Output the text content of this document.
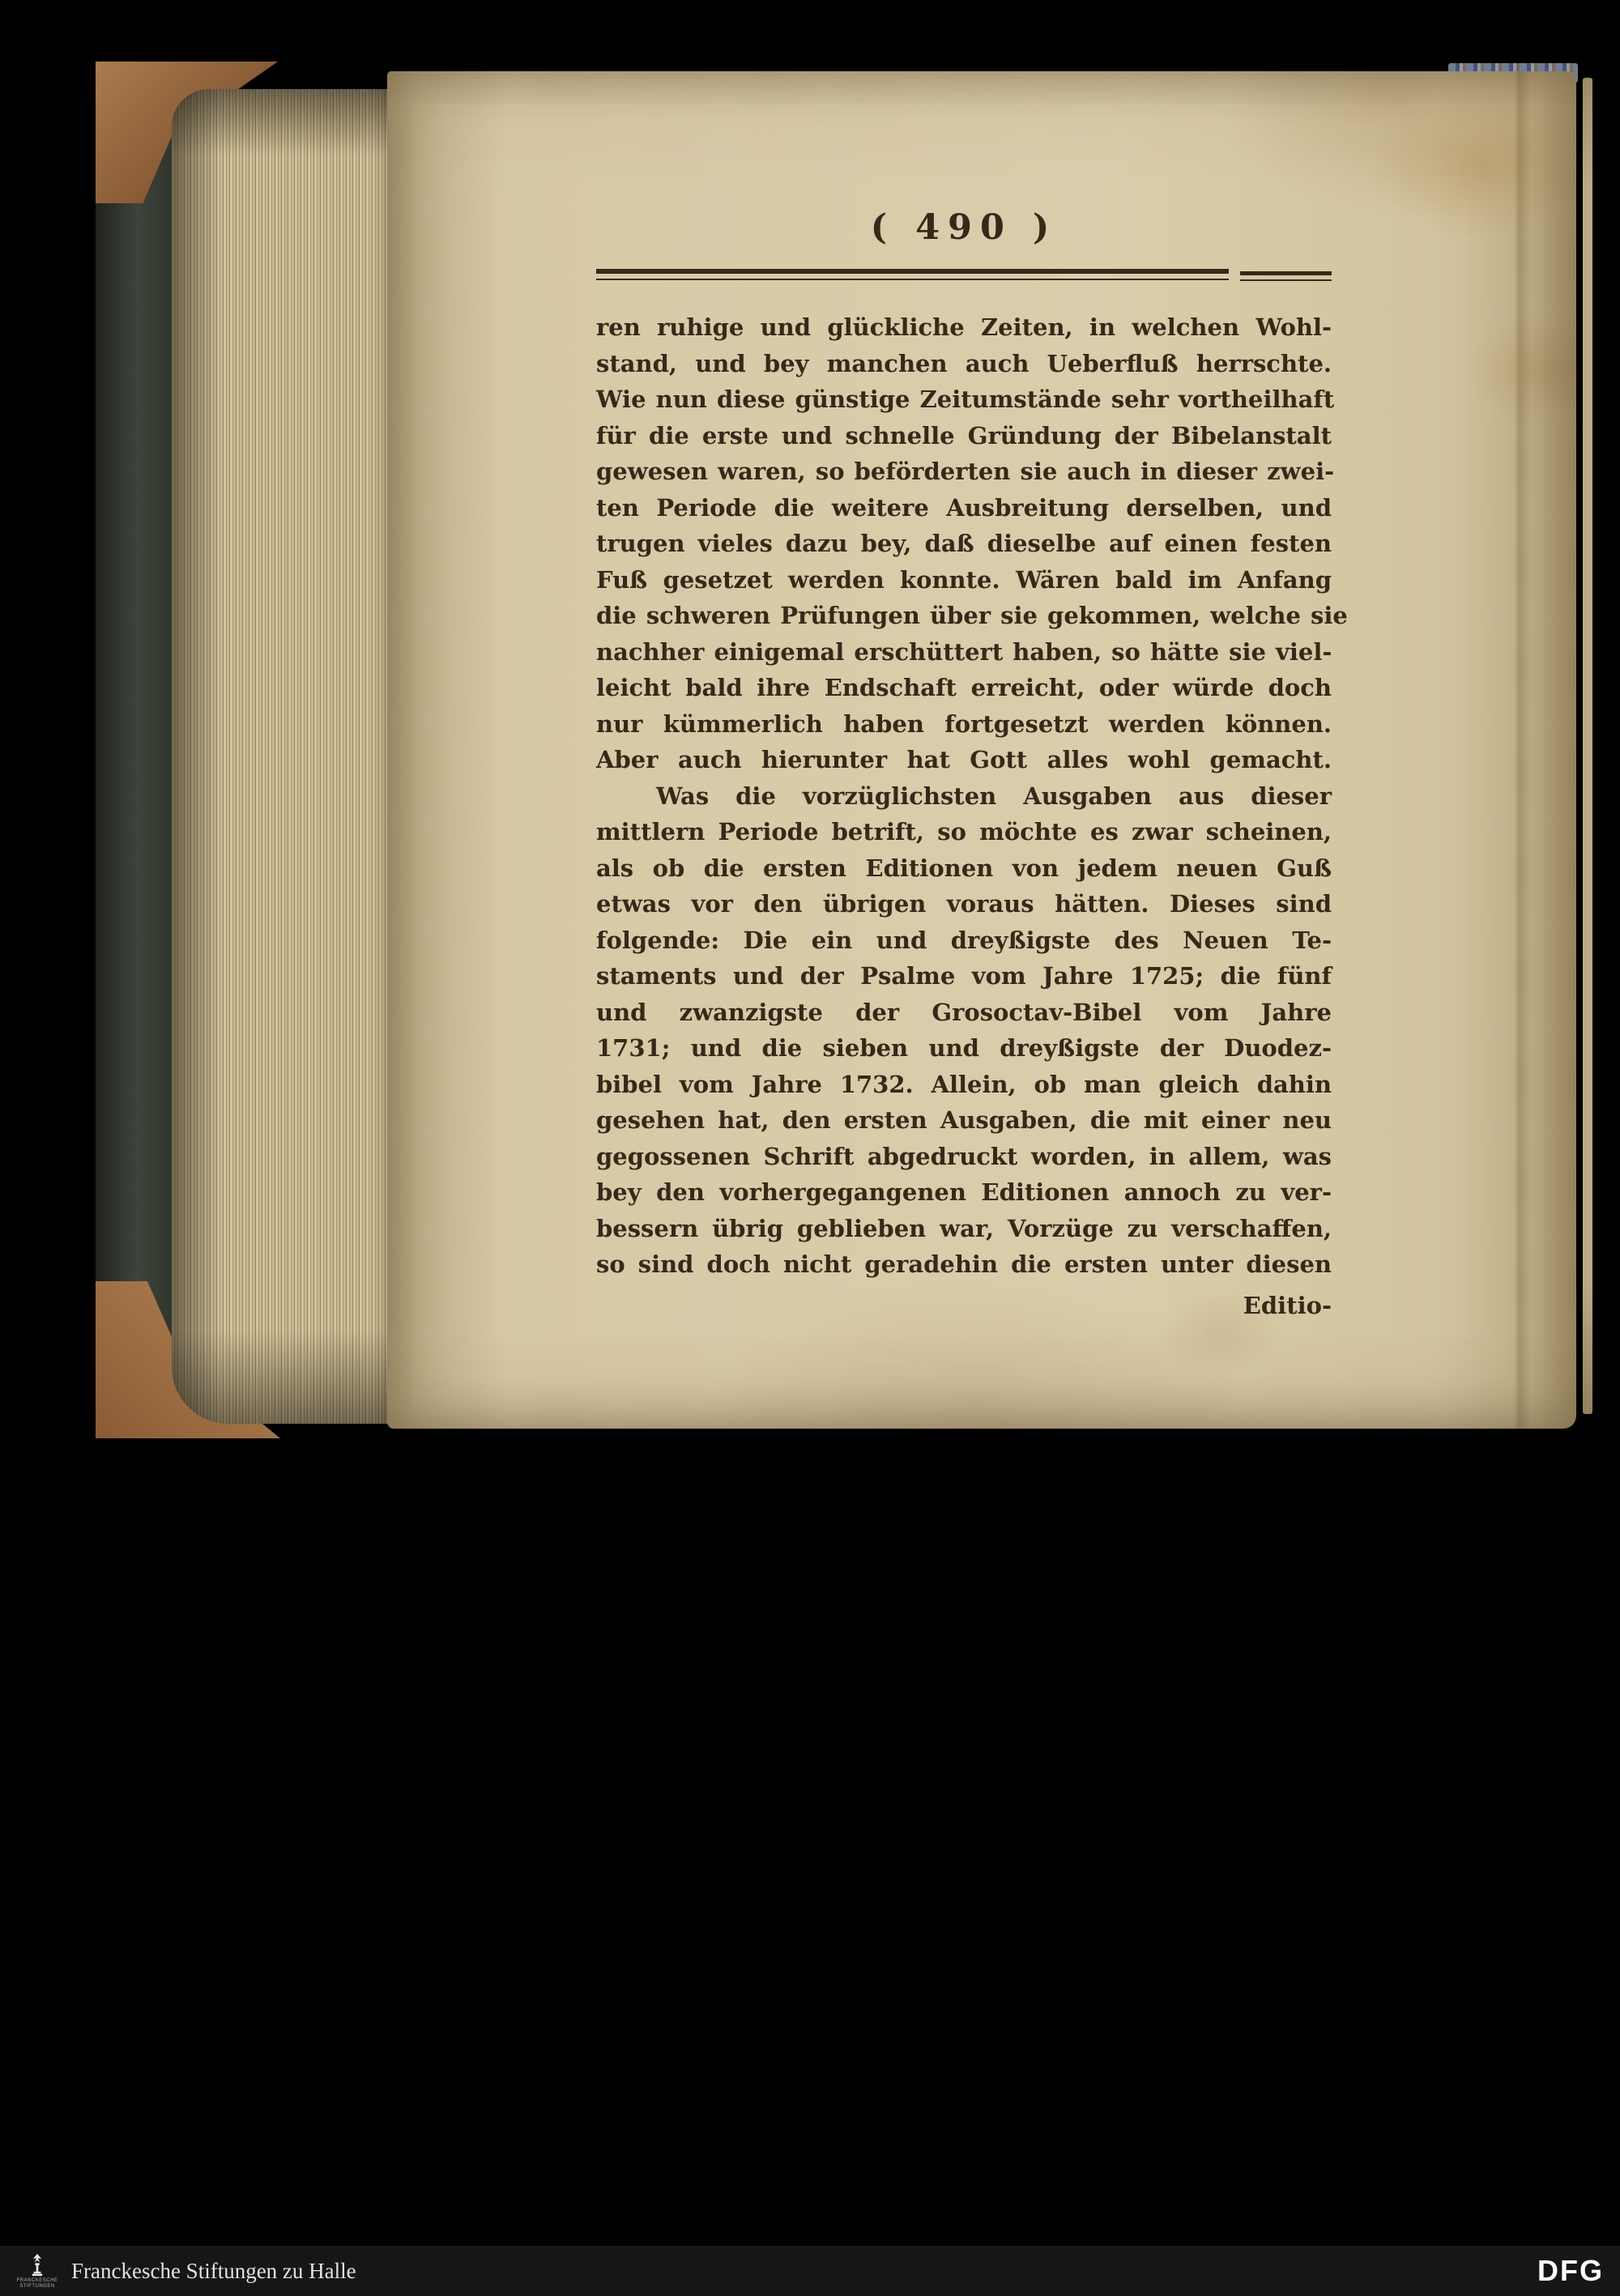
( 490 )
ren ruhige und glückliche Zeiten, in welchen Wohl-
stand, und bey manchen auch Ueberfluß herrschte.
Wie nun diese günstige Zeitumstände sehr vortheilhaft
für die erste und schnelle Gründung der Bibelanstalt
gewesen waren, so beförderten sie auch in dieser zwei-
ten Periode die weitere Ausbreitung derselben, und
trugen vieles dazu bey, daß dieselbe auf einen festen
Fuß gesetzet werden konnte. Wären bald im Anfang
die schweren Prüfungen über sie gekommen, welche sie
nachher einigemal erschüttert haben, so hätte sie viel-
leicht bald ihre Endschaft erreicht, oder würde doch
nur kümmerlich haben fortgesetzt werden können.
Aber auch hierunter hat Gott alles wohl gemacht.
Was die vorzüglichsten Ausgaben aus dieser
mittlern Periode betrift, so möchte es zwar scheinen,
als ob die ersten Editionen von jedem neuen Guß
etwas vor den übrigen voraus hätten. Dieses sind
folgende: Die ein und dreyßigste des Neuen Te-
staments und der Psalme vom Jahre 1725; die fünf
und zwanzigste der Grosoctav-Bibel vom Jahre
1731; und die sieben und dreyßigste der Duodez-
bibel vom Jahre 1732. Allein, ob man gleich dahin
gesehen hat, den ersten Ausgaben, die mit einer neu
gegossenen Schrift abgedruckt worden, in allem, was
bey den vorhergegangenen Editionen annoch zu ver-
bessern übrig geblieben war, Vorzüge zu verschaffen,
so sind doch nicht geradehin die ersten unter diesen
Editio-
FRANCKESCHE
STIFTUNGEN
Franckesche Stiftungen zu Halle	DFG
